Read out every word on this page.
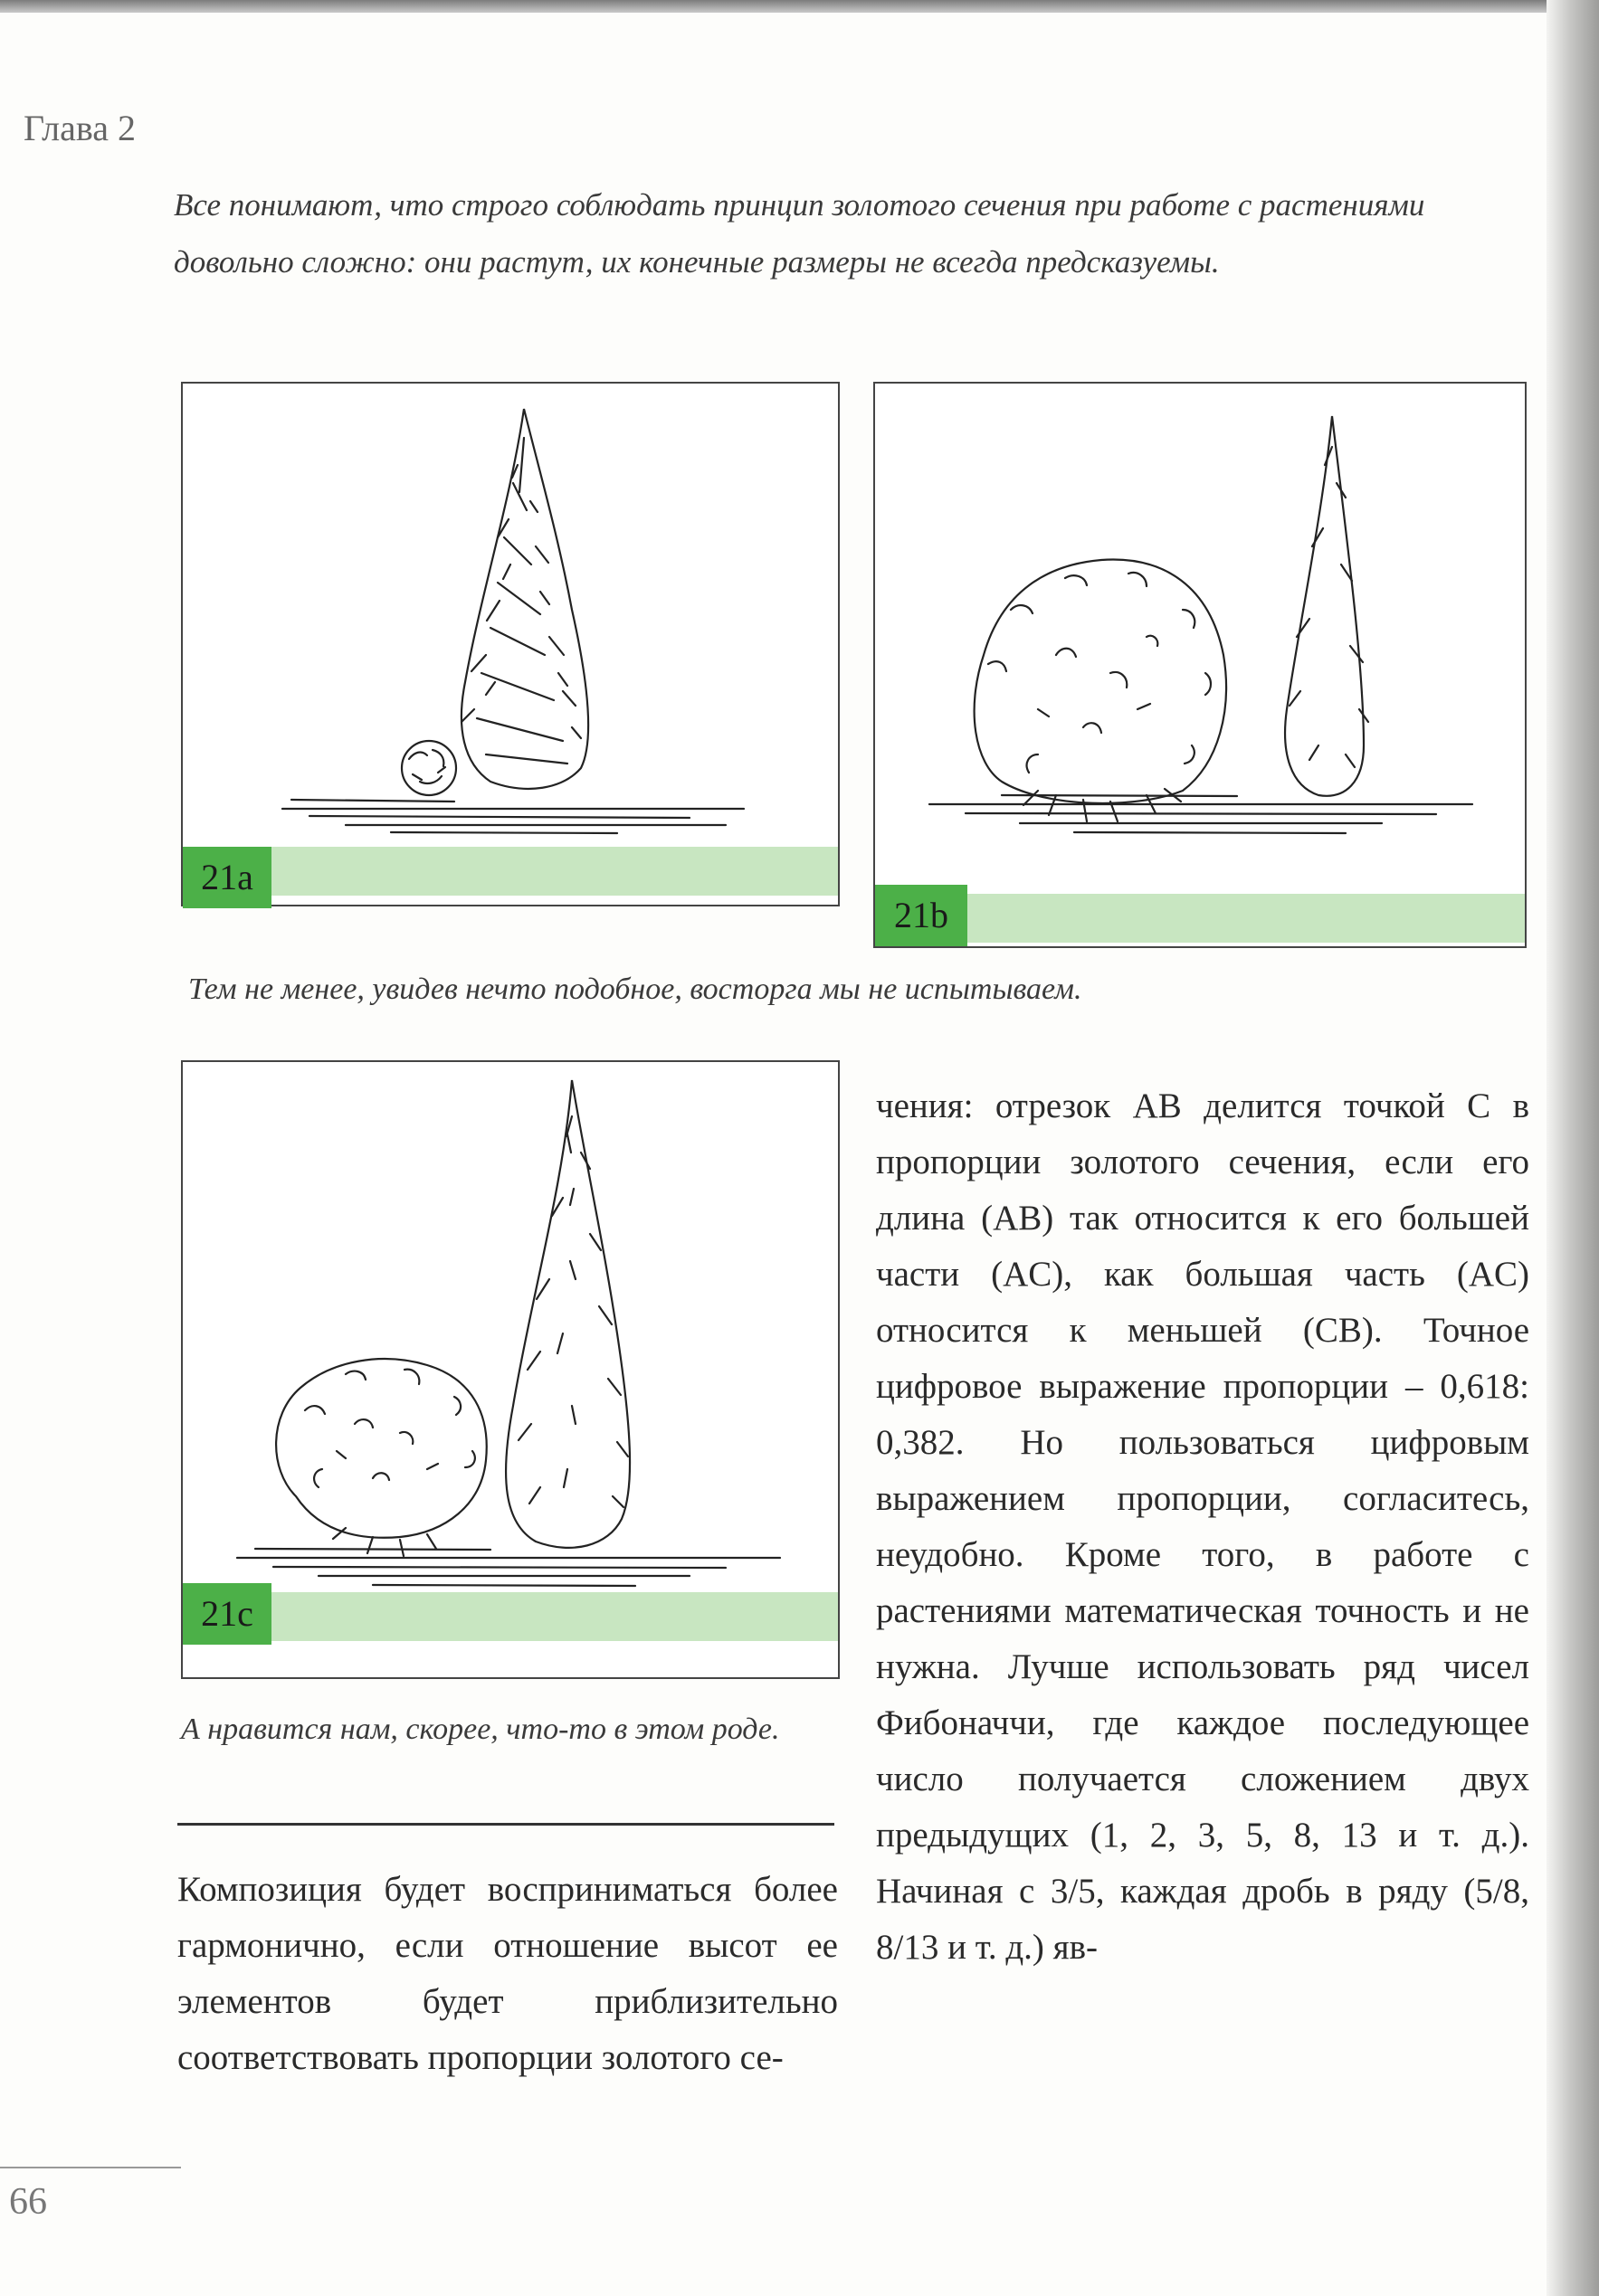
Глава 2
Все понимают, что строго соблюдать принцип золотого сечения при работе с растениями довольно сложно: они растут, их конечные размеры не всегда предсказуемы.
21a
21b
Тем не менее, увидев нечто подобное, восторга мы не испытываем.
21c
А нравится нам, скорее, что-то в этом роде.
Композиция будет восприниматься более гармонично, если отношение высот ее элементов будет приблизительно соответствовать пропорции золотого се-
чения: отрезок AB делится точкой C в пропорции золотого сечения, если его длина (AB) так относится к его большей части (AC), как большая часть (AC) относится к меньшей (CB). Точное цифровое выражение пропорции – 0,618: 0,382. Но пользоваться цифровым выражением пропорции, согласитесь, неудобно. Кроме того, в работе с растениями математическая точность и не нужна. Лучше использовать ряд чисел Фибоначчи, где каждое последующее число получается сложением двух предыдущих (1, 2, 3, 5, 8, 13 и т. д.). Начиная с 3/5, каждая дробь в ряду (5/8, 8/13 и т. д.) яв-
66
